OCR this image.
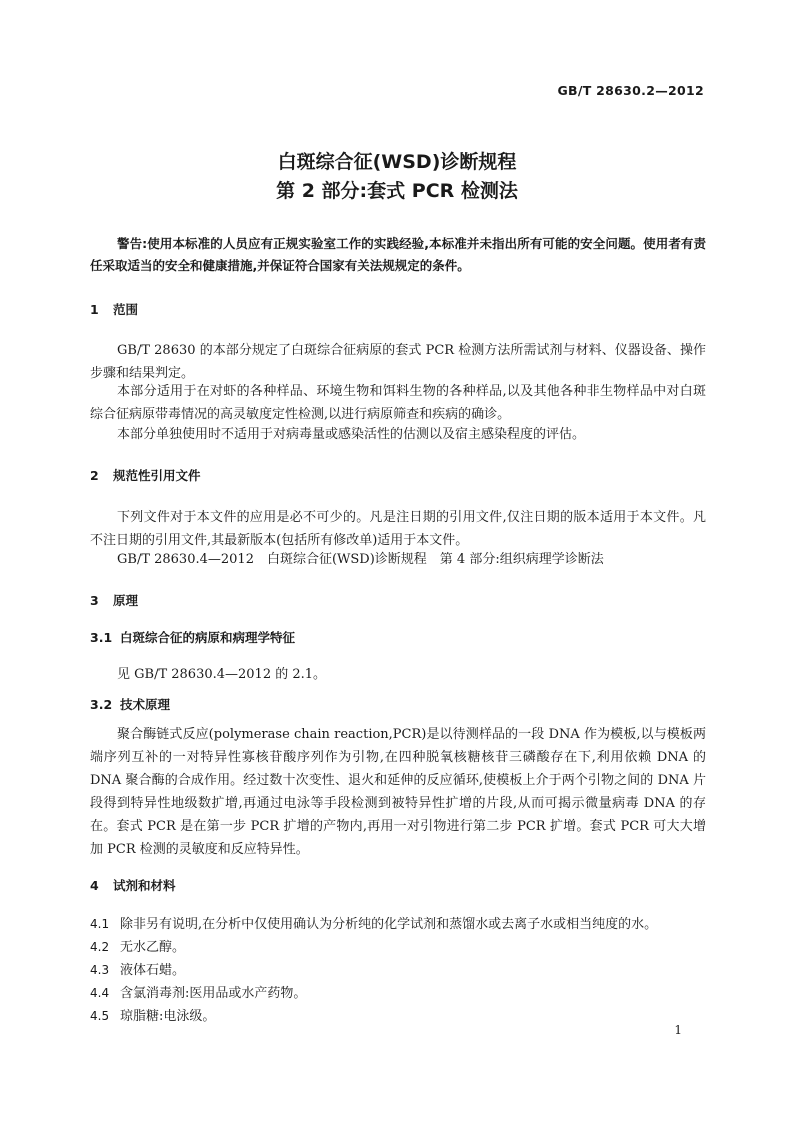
GB/T 28630.2—2012
白斑综合征(WSD)诊断规程
第 2 部分:套式 PCR 检测法
警告:使用本标准的人员应有正规实验室工作的实践经验,本标准并未指出所有可能的安全问题。使用者有责任采取适当的安全和健康措施,并保证符合国家有关法规规定的条件。
1 范围
GB/T 28630 的本部分规定了白斑综合征病原的套式 PCR 检测方法所需试剂与材料、仪器设备、操作步骤和结果判定。
本部分适用于在对虾的各种样品、环境生物和饵料生物的各种样品,以及其他各种非生物样品中对白斑综合征病原带毒情况的高灵敏度定性检测,以进行病原筛查和疾病的确诊。
本部分单独使用时不适用于对病毒量或感染活性的估测以及宿主感染程度的评估。
2 规范性引用文件
下列文件对于本文件的应用是必不可少的。凡是注日期的引用文件,仅注日期的版本适用于本文件。凡不注日期的引用文件,其最新版本(包括所有修改单)适用于本文件。
GB/T 28630.4—2012 白斑综合征(WSD)诊断规程 第 4 部分:组织病理学诊断法
3 原理
3.1 白斑综合征的病原和病理学特征
见 GB/T 28630.4—2012 的 2.1。
3.2 技术原理
聚合酶链式反应(polymerase chain reaction,PCR)是以待测样品的一段 DNA 作为模板,以与模板两端序列互补的一对特异性寡核苷酸序列作为引物,在四种脱氧核糖核苷三磷酸存在下,利用依赖 DNA 的 DNA 聚合酶的合成作用。经过数十次变性、退火和延伸的反应循环,使模板上介于两个引物之间的 DNA 片段得到特异性地级数扩增,再通过电泳等手段检测到被特异性扩增的片段,从而可揭示微量病毒 DNA 的存在。套式 PCR 是在第一步 PCR 扩增的产物内,再用一对引物进行第二步 PCR 扩增。套式 PCR 可大大增加 PCR 检测的灵敏度和反应特异性。
4 试剂和材料
4.1 除非另有说明,在分析中仅使用确认为分析纯的化学试剂和蒸馏水或去离子水或相当纯度的水。
4.2 无水乙醇。
4.3 液体石蜡。
4.4 含氯消毒剂:医用品或水产药物。
4.5 琼脂糖:电泳级。
1
